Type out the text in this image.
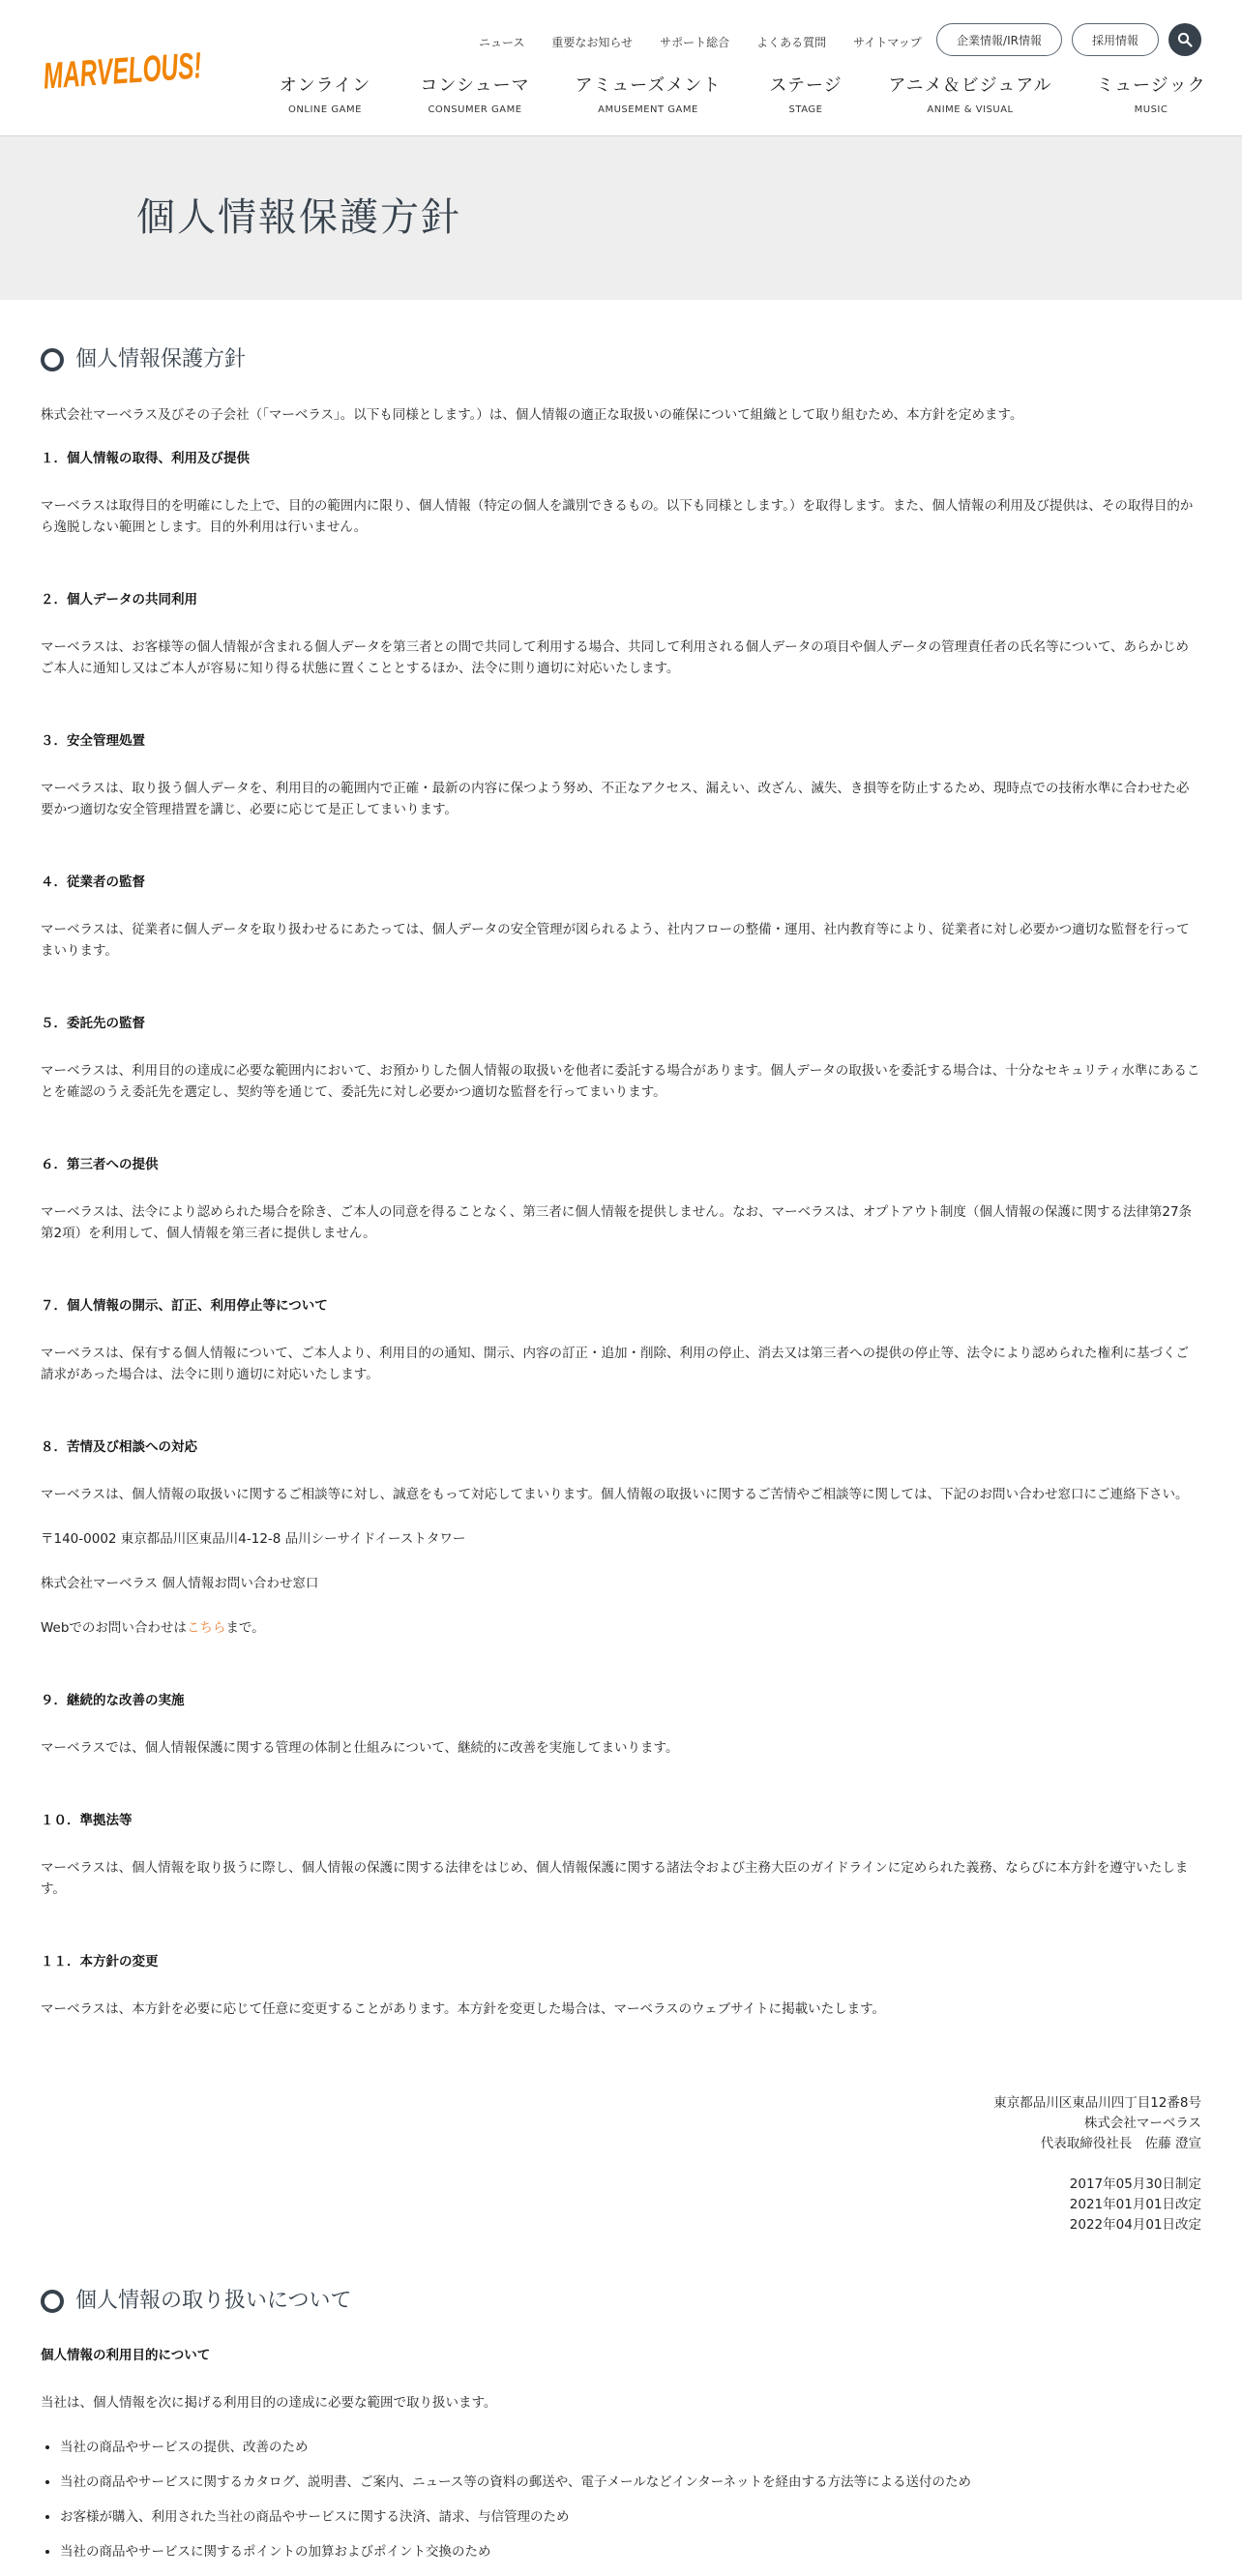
MARVELOUS!	ニュース 重要なお知らせ サポート総合 よくある質問 サイトマップ	企業情報/IR情報	採用情報
オンライン
ONLINE GAME
コンシューマ
CONSUMER GAME
アミューズメント
AMUSEMENT GAME
ステージ
STAGE
アニメ＆ビジュアル
ANIME & VISUAL
ミュージック
MUSIC
個人情報保護方針
個人情報保護方針

株式会社マーベラス及びその子会社（「マーベラス」。以下も同様とします。）は、個人情報の適正な取扱いの確保について組織として取り組むため、本方針を定めます。

１．個人情報の取得、利用及び提供

マーベラスは取得目的を明確にした上で、目的の範囲内に限り、個人情報（特定の個人を識別できるもの。以下も同様とします。）を取得します。また、個人情報の利用及び提供は、その取得目的から逸脱しない範囲とします。目的外利用は行いません。

２．個人データの共同利用

マーベラスは、お客様等の個人情報が含まれる個人データを第三者との間で共同して利用する場合、共同して利用される個人データの項目や個人データの管理責任者の氏名等について、あらかじめご本人に通知し又はご本人が容易に知り得る状態に置くこととするほか、法令に則り適切に対応いたします。

３．安全管理処置

マーベラスは、取り扱う個人データを、利用目的の範囲内で正確・最新の内容に保つよう努め、不正なアクセス、漏えい、改ざん、滅失、き損等を防止するため、現時点での技術水準に合わせた必要かつ適切な安全管理措置を講じ、必要に応じて是正してまいります。

４．従業者の監督

マーベラスは、従業者に個人データを取り扱わせるにあたっては、個人データの安全管理が図られるよう、社内フローの整備・運用、社内教育等により、従業者に対し必要かつ適切な監督を行ってまいります。

５．委託先の監督

マーベラスは、利用目的の達成に必要な範囲内において、お預かりした個人情報の取扱いを他者に委託する場合があります。個人データの取扱いを委託する場合は、十分なセキュリティ水準にあることを確認のうえ委託先を選定し、契約等を通じて、委託先に対し必要かつ適切な監督を行ってまいります。

６．第三者への提供

マーベラスは、法令により認められた場合を除き、ご本人の同意を得ることなく、第三者に個人情報を提供しません。なお、マーベラスは、オプトアウト制度（個人情報の保護に関する法律第27条第2項）を利用して、個人情報を第三者に提供しません。

７．個人情報の開示、訂正、利用停止等について

マーベラスは、保有する個人情報について、ご本人より、利用目的の通知、開示、内容の訂正・追加・削除、利用の停止、消去又は第三者への提供の停止等、法令により認められた権利に基づくご請求があった場合は、法令に則り適切に対応いたします。

８．苦情及び相談への対応

マーベラスは、個人情報の取扱いに関するご相談等に対し、誠意をもって対応してまいります。個人情報の取扱いに関するご苦情やご相談等に関しては、下記のお問い合わせ窓口にご連絡下さい。

〒140-0002 東京都品川区東品川4-12-8 品川シーサイドイーストタワー

株式会社マーベラス 個人情報お問い合わせ窓口

Webでのお問い合わせはこちらまで。

９．継続的な改善の実施

マーベラスでは、個人情報保護に関する管理の体制と仕組みについて、継続的に改善を実施してまいります。

１０．準拠法等

マーベラスは、個人情報を取り扱うに際し、個人情報の保護に関する法律をはじめ、個人情報保護に関する諸法令および主務大臣のガイドラインに定められた義務、ならびに本方針を遵守いたします。

１１．本方針の変更

マーベラスは、本方針を必要に応じて任意に変更することがあります。本方針を変更した場合は、マーベラスのウェブサイトに掲載いたします。

東京都品川区東品川四丁目12番8号

株式会社マーベラス

代表取締役社長　佐藤 澄宣

2017年05月30日制定

2021年01月01日改定

2022年04月01日改定

個人情報の取り扱いについて
個人情報の利用目的について

当社は、個人情報を次に掲げる利用目的の達成に必要な範囲で取り扱います。

• 当社の商品やサービスの提供、改善のため
• 当社の商品やサービスに関するカタログ、説明書、ご案内、ニュース等の資料の郵送や、電子メールなどインターネットを経由する方法等による送付のため
• お客様が購入、利用された当社の商品やサービスに関する決済、請求、与信管理のため
• 当社の商品やサービスに関するポイントの加算およびポイント交換のため
